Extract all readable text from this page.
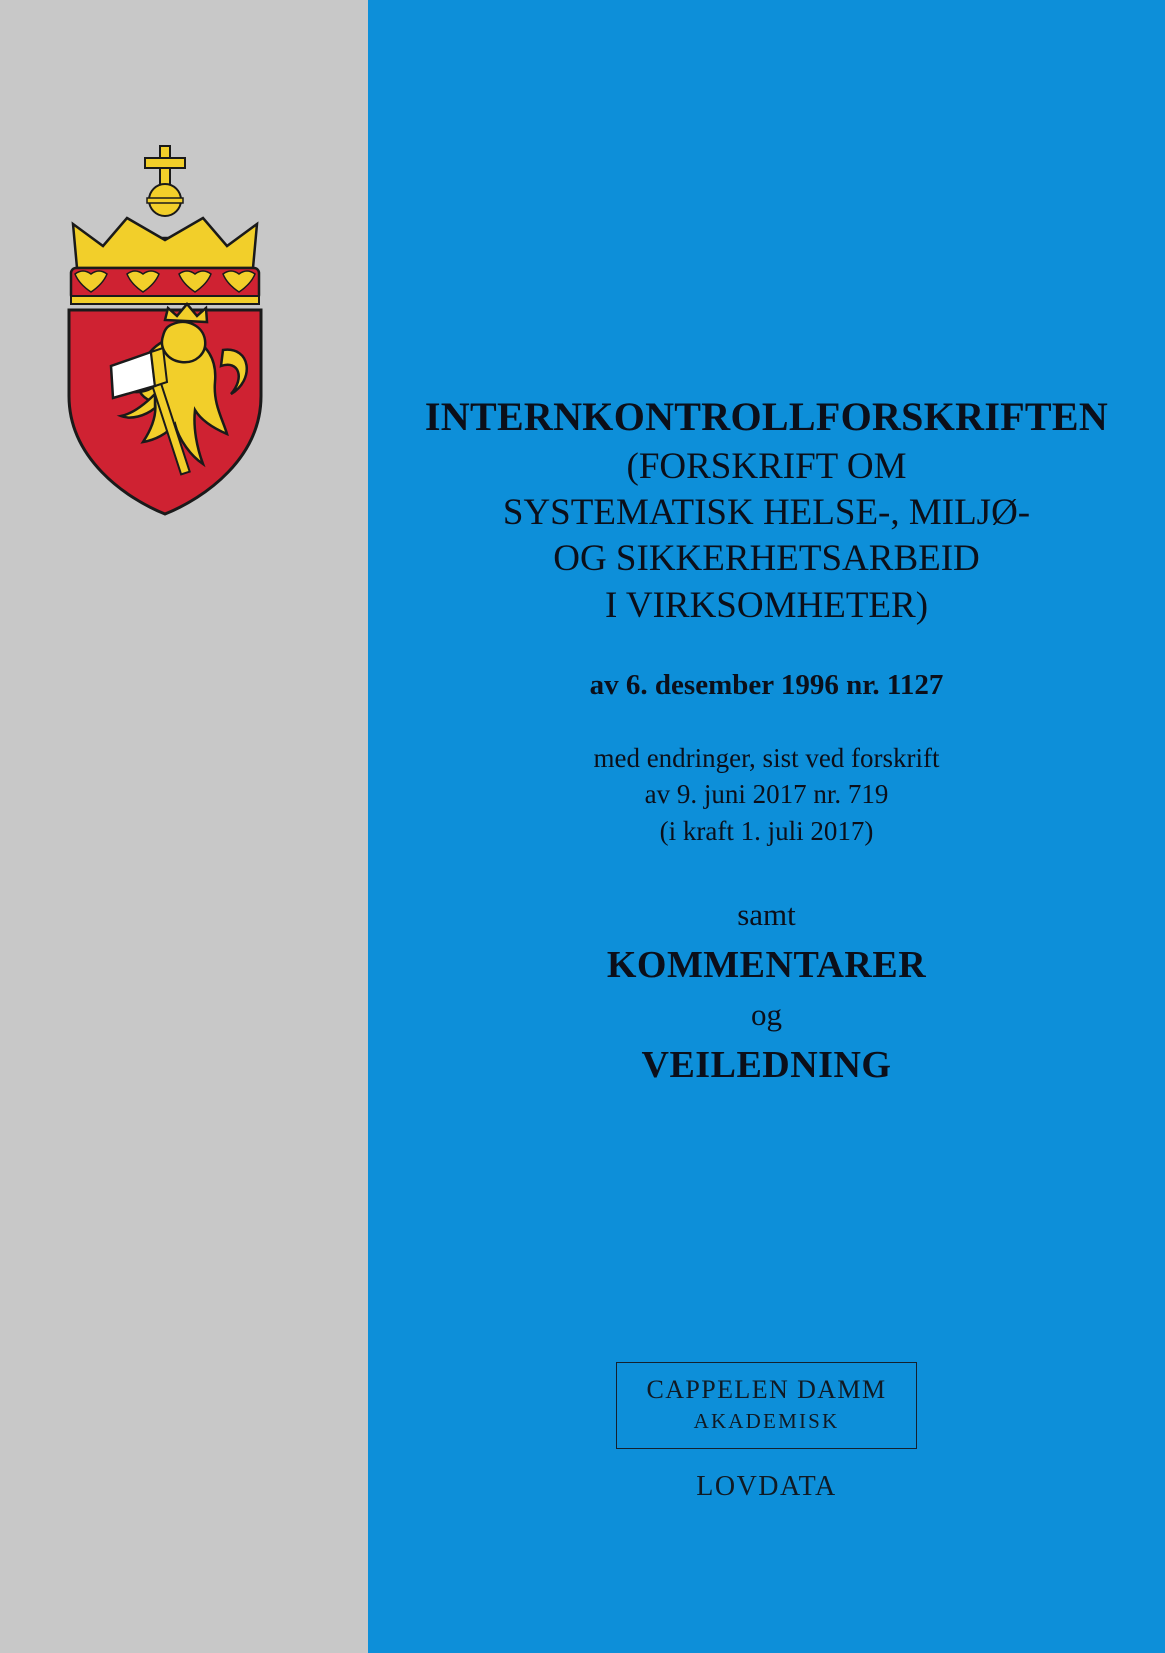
INTERNKONTROLLFORSKRIFTEN
(FORSKRIFT OM
SYSTEMATISK HELSE-, MILJØ-
OG SIKKERHETSARBEID
I VIRKSOMHETER)
av 6. desember 1996 nr. 1127
med endringer, sist ved forskrift
av 9. juni 2017 nr. 719
(i kraft 1. juli 2017)
samt
KOMMENTARER
og
VEILEDNING
CAPPELEN DAMM
AKADEMISK
LOVDATA
